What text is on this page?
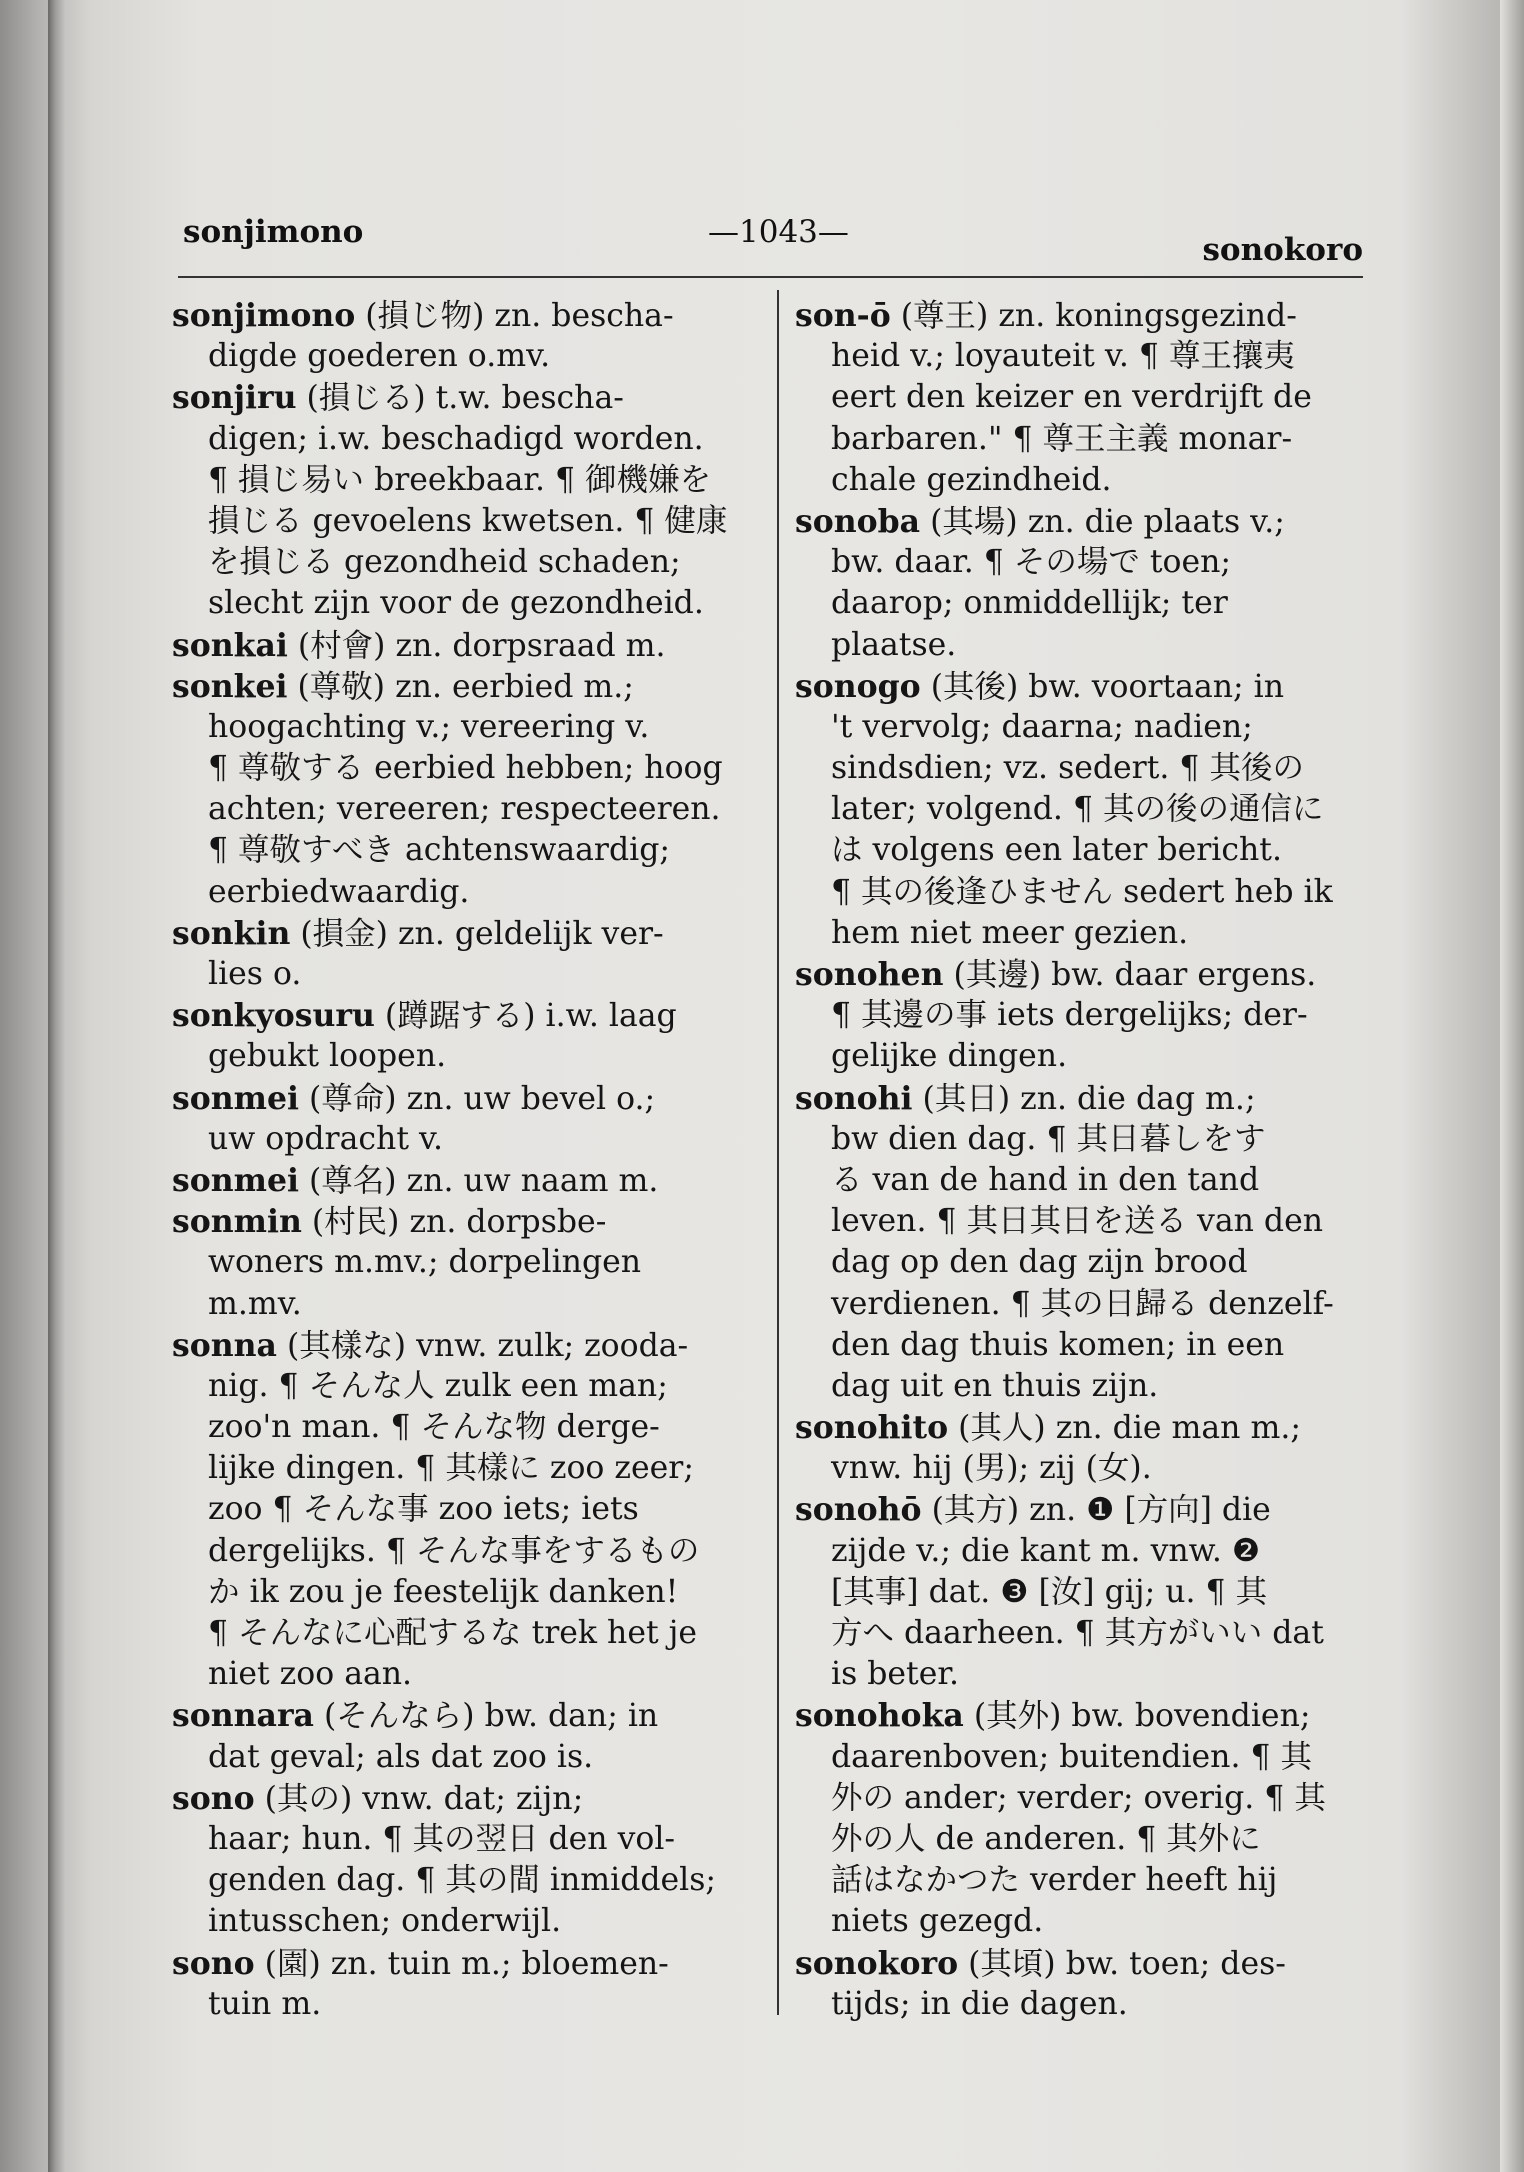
sonjimono	—1043—	sonokoro
sonjimono (損じ物) zn. bescha-
digde goederen o.mv.
sonjiru (損じる) t.w. bescha-
digen; i.w. beschadigd worden.
¶ 損じ易い breekbaar. ¶ 御機嫌を
損じる gevoelens kwetsen. ¶ 健康
を損じる gezondheid schaden;
slecht zijn voor de gezondheid.
sonkai (村會) zn. dorpsraad m.
sonkei (尊敬) zn. eerbied m.;
hoogachting v.; vereering v.
¶ 尊敬する eerbied hebben; hoog
achten; vereeren; respecteeren.
¶ 尊敬すべき achtenswaardig;
eerbiedwaardig.
sonkin (損金) zn. geldelijk ver-
lies o.
sonkyosuru (蹲踞する) i.w. laag
gebukt loopen.
sonmei (尊命) zn. uw bevel o.;
uw opdracht v.
sonmei (尊名) zn. uw naam m.
sonmin (村民) zn. dorpsbe-
woners m.mv.; dorpelingen
m.mv.
sonna (其樣な) vnw. zulk; zooda-
nig. ¶ そんな人 zulk een man;
zoo'n man. ¶ そんな物 derge-
lijke dingen. ¶ 其樣に zoo zeer;
zoo ¶ そんな事 zoo iets; iets
dergelijks. ¶ そんな事をするもの
か ik zou je feestelijk danken!
¶ そんなに心配するな trek het je
niet zoo aan.
sonnara (そんなら) bw. dan; in
dat geval; als dat zoo is.
sono (其の) vnw. dat; zijn;
haar; hun. ¶ 其の翌日 den vol-
genden dag. ¶ 其の間 inmiddels;
intusschen; onderwijl.
sono (園) zn. tuin m.; bloemen-
tuin m.
son-ō (尊王) zn. koningsgezind-
heid v.; loyauteit v. ¶ 尊王攘夷
eert den keizer en verdrijft de
barbaren." ¶ 尊王主義 monar-
chale gezindheid.
sonoba (其場) zn. die plaats v.;
bw. daar. ¶ その場で toen;
daarop; onmiddellijk; ter
plaatse.
sonogo (其後) bw. voortaan; in
't vervolg; daarna; nadien;
sindsdien; vz. sedert. ¶ 其後の
later; volgend. ¶ 其の後の通信に
は volgens een later bericht.
¶ 其の後逢ひません sedert heb ik
hem niet meer gezien.
sonohen (其邊) bw. daar ergens.
¶ 其邊の事 iets dergelijks; der-
gelijke dingen.
sonohi (其日) zn. die dag m.;
bw dien dag. ¶ 其日暮しをす
る van de hand in den tand
leven. ¶ 其日其日を送る van den
dag op den dag zijn brood
verdienen. ¶ 其の日歸る denzelf-
den dag thuis komen; in een
dag uit en thuis zijn.
sonohito (其人) zn. die man m.;
vnw. hij (男); zij (女).
sonohō (其方) zn. ❶ [方向] die
zijde v.; die kant m. vnw. ❷
[其事] dat. ❸ [汝] gij; u. ¶ 其
方へ daarheen. ¶ 其方がいい dat
is beter.
sonohoka (其外) bw. bovendien;
daarenboven; buitendien. ¶ 其
外の ander; verder; overig. ¶ 其
外の人 de anderen. ¶ 其外に
話はなかつた verder heeft hij
niets gezegd.
sonokoro (其頃) bw. toen; des-
tijds; in die dagen.
